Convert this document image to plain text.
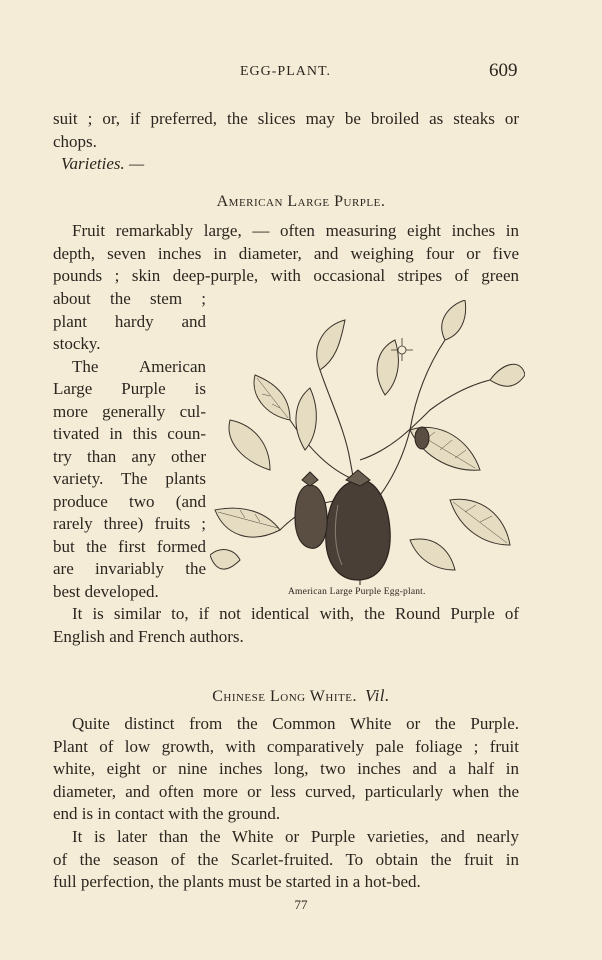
EGG-PLANT.	609
suit ; or, if preferred, the slices may be broiled as steaks or
chops.
Varieties. —
American Large Purple.
Fruit remarkably large, — often measuring eight inches in
depth, seven inches in diameter, and weighing four or five
pounds ; skin deep-purple, with occasional stripes of green
about the stem ;
plant hardy and
stocky.
The American
Large Purple is
more generally cul-
tivated in this coun-
try than any other
variety. The plants
produce two (and
rarely three) fruits ;
but the first formed
are invariably the
best developed.	American Large Purple Egg-plant.
It is similar to, if not identical with, the Round Purple of
English and French authors.
Chinese Long White. Vil.
Quite distinct from the Common White or the Purple.
Plant of low growth, with comparatively pale foliage ; fruit
white, eight or nine inches long, two inches and a half in
diameter, and often more or less curved, particularly when the
end is in contact with the ground.
It is later than the White or Purple varieties, and nearly
of the season of the Scarlet-fruited. To obtain the fruit in
full perfection, the plants must be started in a hot-bed.
77
